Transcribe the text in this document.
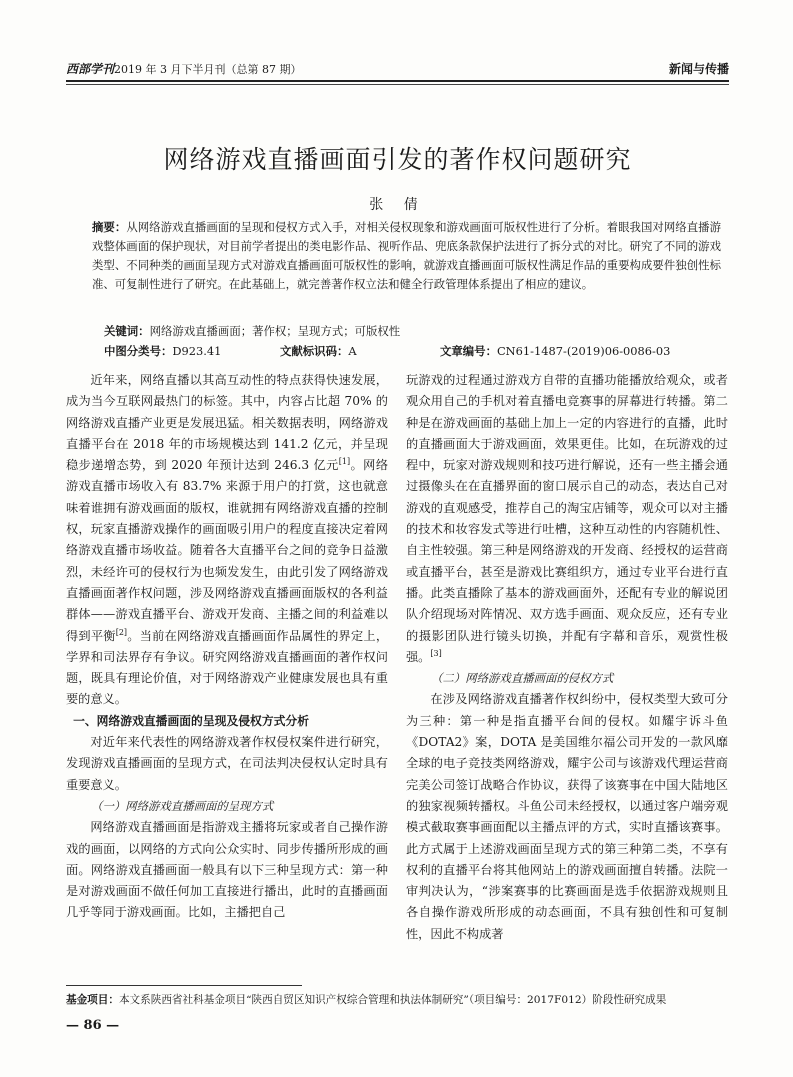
西部学刊2019 年 3 月下半月刊（总第 87 期）	新闻与传播
网络游戏直播画面引发的著作权问题研究
张 倩
摘要：从网络游戏直播画面的呈现和侵权方式入手，对相关侵权现象和游戏画面可版权性进行了分析。着眼我国对网络直播游戏整体画面的保护现状，对目前学者提出的类电影作品、视听作品、兜底条款保护法进行了拆分式的对比。研究了不同的游戏类型、不同种类的画面呈现方式对游戏直播画面可版权性的影响，就游戏直播画面可版权性满足作品的重要构成要件独创性标准、可复制性进行了研究。在此基础上，就完善著作权立法和健全行政管理体系提出了相应的建议。
关键词：网络游戏直播画面；著作权；呈现方式；可版权性
中图分类号：D923.41	文献标识码：A	文章编号：CN61-1487-(2019)06-0086-03

近年来，网络直播以其高互动性的特点获得快速发展，成为当今互联网最热门的标签。其中，内容占比超 70% 的网络游戏直播产业更是发展迅猛。相关数据表明，网络游戏直播平台在 2018 年的市场规模达到 141.2 亿元，并呈现稳步递增态势，到 2020 年预计达到 246.3 亿元[1]。网络游戏直播市场收入有 83.7% 来源于用户的打赏，这也就意味着谁拥有游戏画面的版权，谁就拥有网络游戏直播的控制权，玩家直播游戏操作的画面吸引用户的程度直接决定着网络游戏直播市场收益。随着各大直播平台之间的竞争日益激烈，未经许可的侵权行为也频发发生，由此引发了网络游戏直播画面著作权问题，涉及网络游戏直播画面版权的各利益群体——游戏直播平台、游戏开发商、主播之间的利益难以得到平衡[2]。当前在网络游戏直播画面作品属性的界定上，学界和司法界存有争议。研究网络游戏直播画面的著作权问题，既具有理论价值，对于网络游戏产业健康发展也具有重要的意义。

一、网络游戏直播画面的呈现及侵权方式分析

对近年来代表性的网络游戏著作权侵权案件进行研究，发现游戏直播画面的呈现方式，在司法判决侵权认定时具有重要意义。

（一）网络游戏直播画面的呈现方式

网络游戏直播画面是指游戏主播将玩家或者自己操作游戏的画面，以网络的方式向公众实时、同步传播所形成的画面。网络游戏直播画面一般具有以下三种呈现方式：第一种是对游戏画面不做任何加工直接进行播出，此时的直播画面几乎等同于游戏画面。比如，主播把自己

玩游戏的过程通过游戏方自带的直播功能播放给观众，或者观众用自己的手机对着直播电竞赛事的屏幕进行转播。第二种是在游戏画面的基础上加上一定的内容进行的直播，此时的直播画面大于游戏画面，效果更佳。比如，在玩游戏的过程中，玩家对游戏规则和技巧进行解说，还有一些主播会通过摄像头在在直播界面的窗口展示自己的动态，表达自己对游戏的直观感受，推荐自己的淘宝店铺等，观众可以对主播的技术和妆容发式等进行吐槽，这种互动性的内容随机性、自主性较强。第三种是网络游戏的开发商、经授权的运营商或直播平台，甚至是游戏比赛组织方，通过专业平台进行直播。此类直播除了基本的游戏画面外，还配有专业的解说团队介绍现场对阵情况、双方选手画面、观众反应，还有专业的摄影团队进行镜头切换，并配有字幕和音乐，观赏性极强。[3]

（二）网络游戏直播画面的侵权方式

在涉及网络游戏直播著作权纠纷中，侵权类型大致可分为三种：第一种是指直播平台间的侵权。如耀宇诉斗鱼《DOTA2》案，DOTA 是美国维尔福公司开发的一款风靡全球的电子竞技类网络游戏，耀宇公司与该游戏代理运营商完美公司签订战略合作协议，获得了该赛事在中国大陆地区的独家视频转播权。斗鱼公司未经授权，以通过客户端旁观模式截取赛事画面配以主播点评的方式，实时直播该赛事。此方式属于上述游戏画面呈现方式的第三种第二类，不享有权利的直播平台将其他网站上的游戏画面擅自转播。法院一审判决认为，“涉案赛事的比赛画面是选手依据游戏规则且各自操作游戏所形成的动态画面，不具有独创性和可复制性，因此不构成著

基金项目：本文系陕西省社科基金项目“陕西自贸区知识产权综合管理和执法体制研究”（项目编号：2017F012）阶段性研究成果
— 86 —
